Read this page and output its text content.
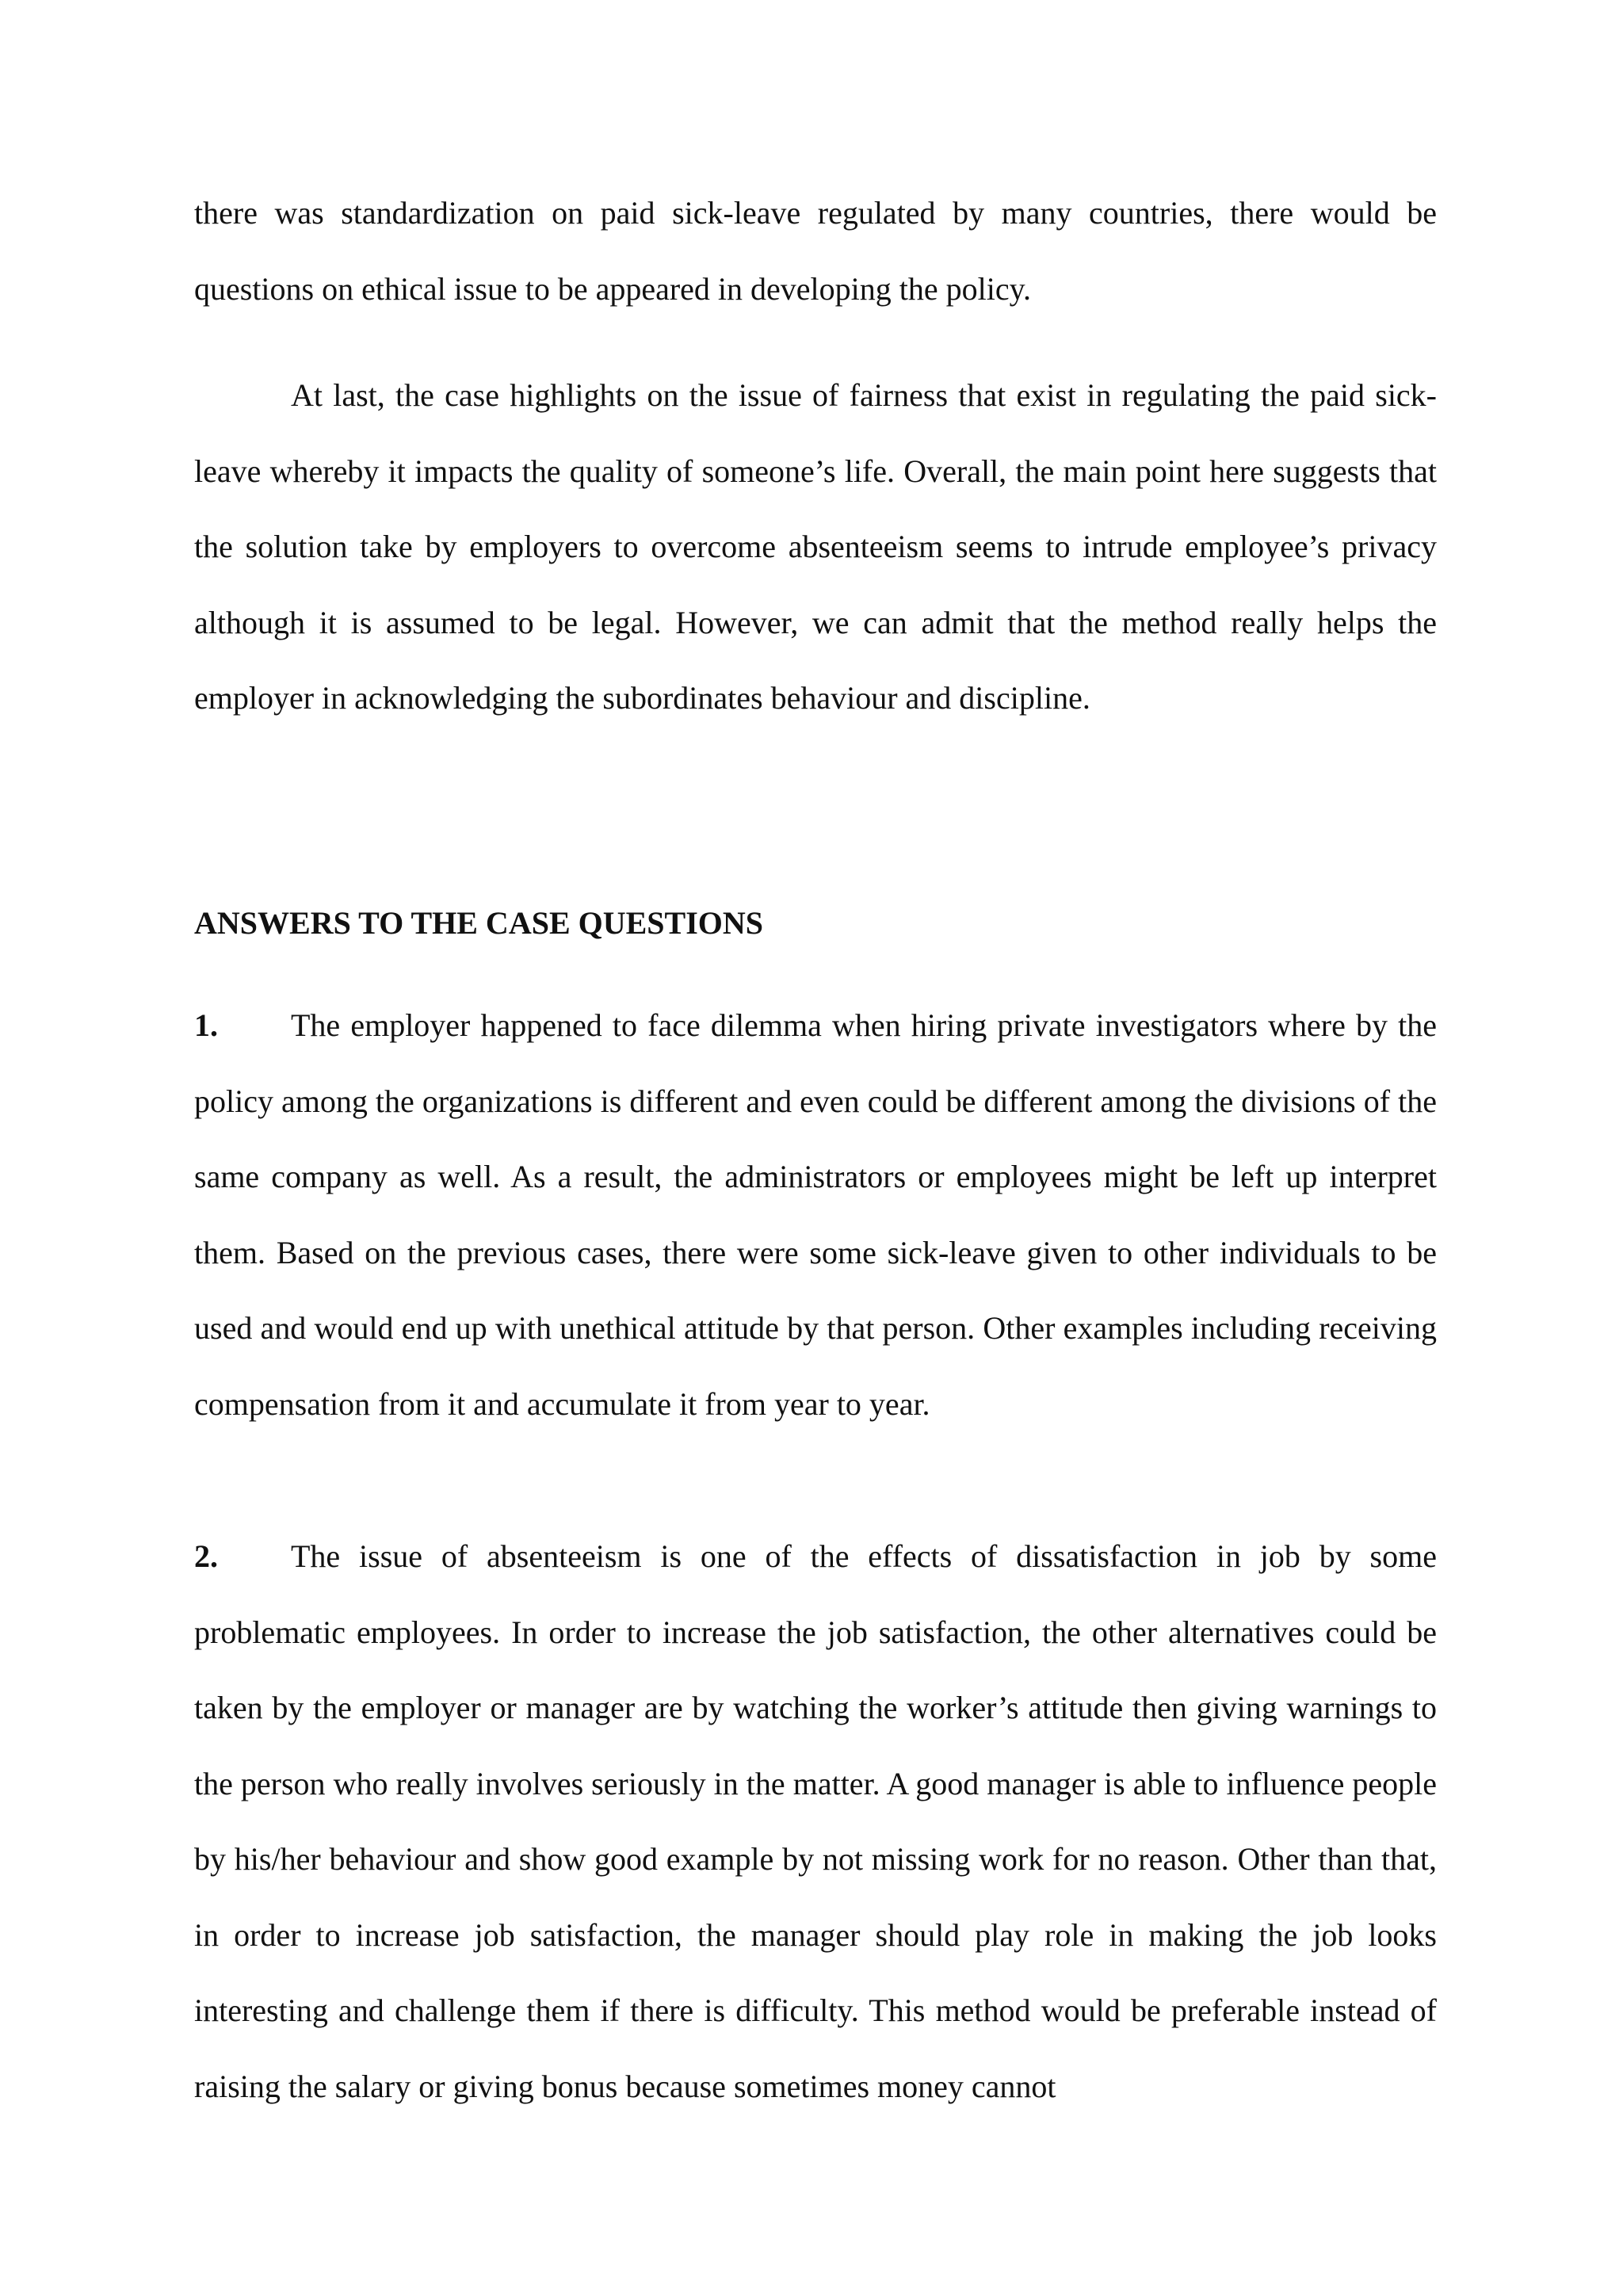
there was standardization on paid sick-leave regulated by many countries, there would be questions on ethical issue to be appeared in developing the policy.

At last, the case highlights on the issue of fairness that exist in regulating the paid sick-leave whereby it impacts the quality of someone’s life. Overall, the main point here suggests that the solution take by employers to overcome absenteeism seems to intrude employee’s privacy although it is assumed to be legal. However, we can admit that the method really helps the employer in acknowledging the subordinates behaviour and discipline.

ANSWERS TO THE CASE QUESTIONS

1. The employer happened to face dilemma when hiring private investigators where by the policy among the organizations is different and even could be different among the divisions of the same company as well. As a result, the administrators or employees might be left up interpret them. Based on the previous cases, there were some sick-leave given to other individuals to be used and would end up with unethical attitude by that person. Other examples including receiving compensation from it and accumulate it from year to year.

2. The issue of absenteeism is one of the effects of dissatisfaction in job by some problematic employees. In order to increase the job satisfaction, the other alternatives could be taken by the employer or manager are by watching the worker’s attitude then giving warnings to the person who really involves seriously in the matter. A good manager is able to influence people by his/her behaviour and show good example by not missing work for no reason. Other than that, in order to increase job satisfaction, the manager should play role in making the job looks interesting and challenge them if there is difficulty. This method would be preferable instead of raising the salary or giving bonus because sometimes money cannot
